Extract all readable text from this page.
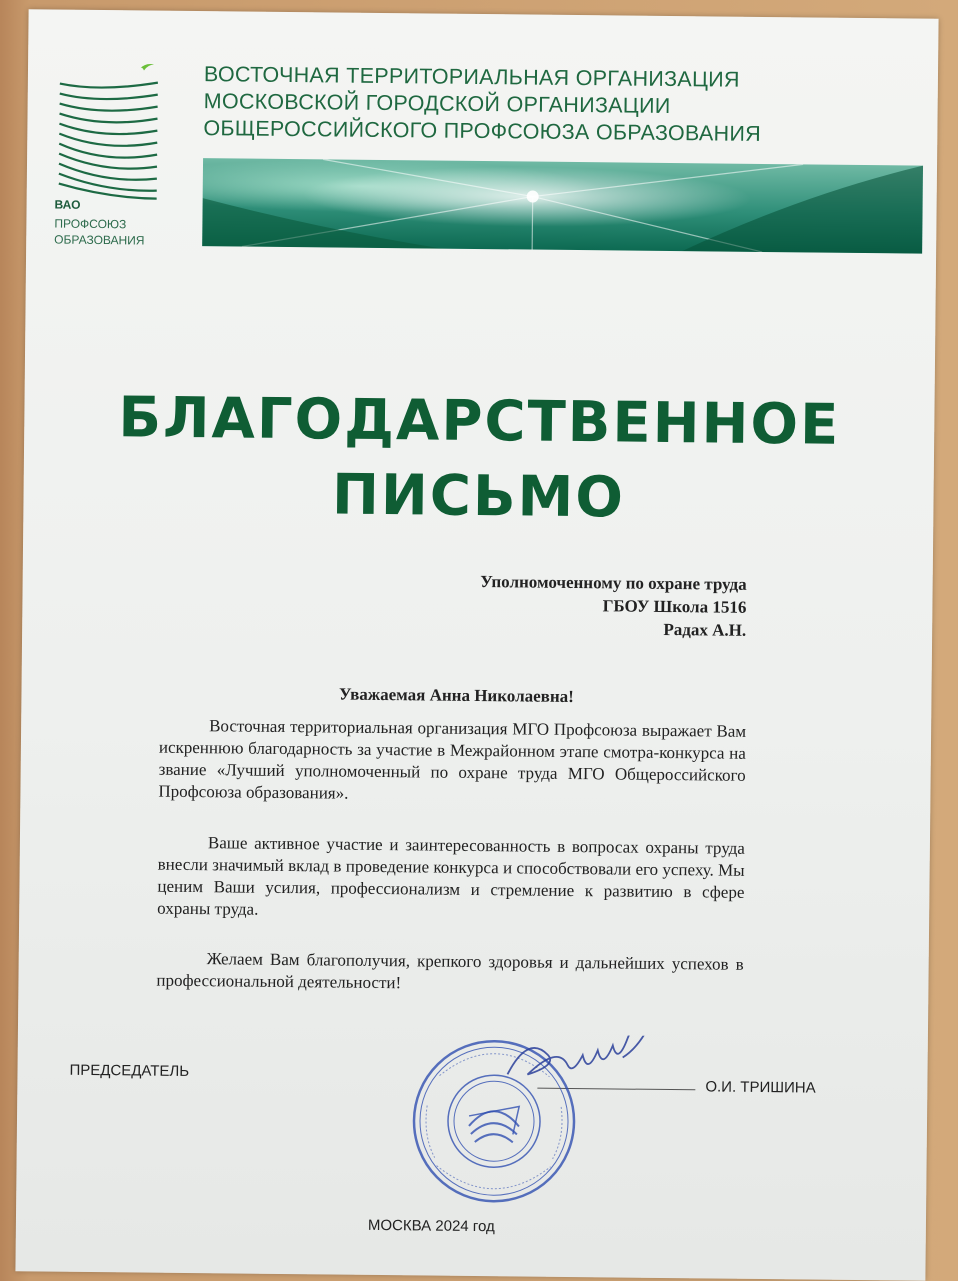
ВАО
ПРОФСОЮЗ
ОБРАЗОВАНИЯ
ВОСТОЧНАЯ ТЕРРИТОРИАЛЬНАЯ ОРГАНИЗАЦИЯ
МОСКОВСКОЙ ГОРОДСКОЙ ОРГАНИЗАЦИИ
ОБЩЕРОССИЙСКОГО ПРОФСОЮЗА ОБРАЗОВАНИЯ
БЛАГОДАРСТВЕННОЕ
ПИСЬМО
Уполномоченному по охране труда
ГБОУ Школа 1516
Радах А.Н.
Уважаемая Анна Николаевна!
Восточная территориальная организация МГО Профсоюза выражает Вам искреннюю благодарность за участие в Межрайонном этапе смотра-конкурса на звание «Лучший уполномоченный по охране труда МГО Общероссийского Профсоюза образования».
Ваше активное участие и заинтересованность в вопросах охраны труда внесли значимый вклад в проведение конкурса и способствовали его успеху. Мы ценим Ваши усилия, профессионализм и стремление к развитию в сфере охраны труда.
Желаем Вам благополучия, крепкого здоровья и дальнейших успехов в профессиональной деятельности!
ПРЕДСЕДАТЕЛЬ
О.И. ТРИШИНА
МОСКВА 2024 год
